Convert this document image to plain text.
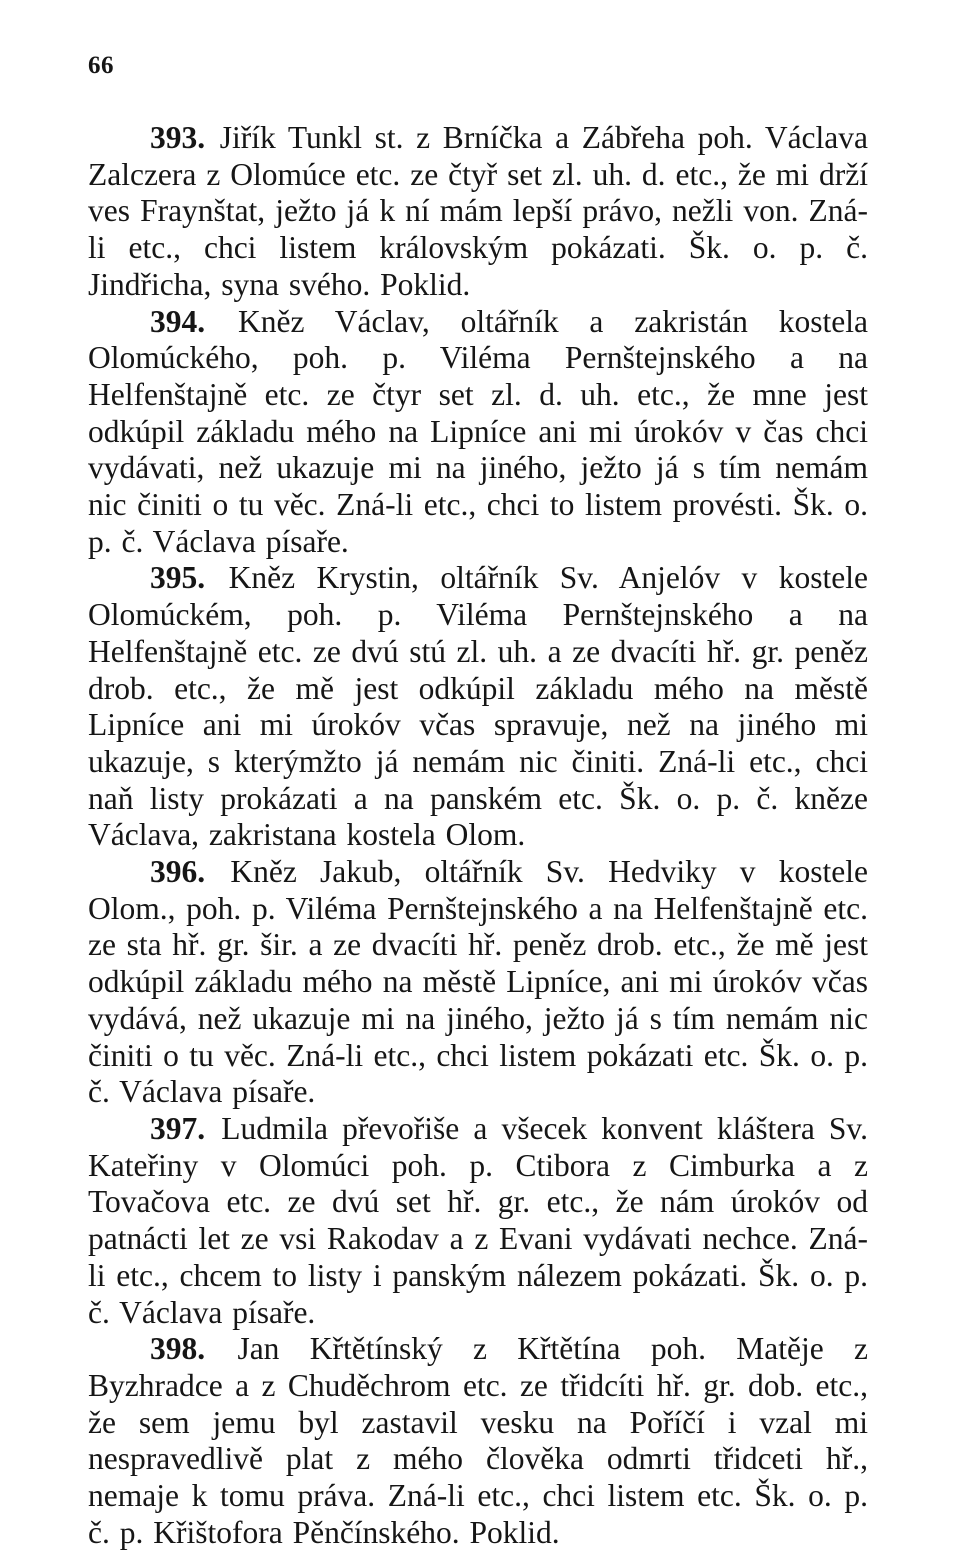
66

393. Jiřík Tunkl st. z Brníčka a Zábřeha poh. Václava Zalczera z Olomúce etc. ze čtyř set zl. uh. d. etc., že mi drží ves Fraynštat, ježto já k ní mám lepší právo, nežli von. Zná-li etc., chci listem královským pokázati. Šk. o. p. č. Jindřicha, syna svého. Poklid.

394. Kněz Václav, oltářník a zakristán kostela Olomúckého, poh. p. Viléma Pernštejnského a na Helfenštajně etc. ze čtyr set zl. d. uh. etc., že mne jest odkúpil základu mého na Lipníce ani mi úrokóv v čas chci vydávati, než ukazuje mi na jiného, ježto já s tím nemám nic činiti o tu věc. Zná-li etc., chci to listem provésti. Šk. o. p. č. Václava písaře.

395. Kněz Krystin, oltářník Sv. Anjelóv v kostele Olomúckém, poh. p. Viléma Pernštejnského a na Helfenštajně etc. ze dvú stú zl. uh. a ze dvacíti hř. gr. peněz drob. etc., že mě jest odkúpil základu mého na městě Lipníce ani mi úrokóv včas spravuje, než na jiného mi ukazuje, s kterýmžto já nemám nic činiti. Zná-li etc., chci naň listy prokázati a na panském etc. Šk. o. p. č. kněze Václava, zakristana kostela Olom.

396. Kněz Jakub, oltářník Sv. Hedviky v kostele Olom., poh. p. Viléma Pernštejnského a na Helfenštajně etc. ze sta hř. gr. šir. a ze dvacíti hř. peněz drob. etc., že mě jest odkúpil základu mého na městě Lipníce, ani mi úrokóv včas vydává, než ukazuje mi na jiného, ježto já s tím nemám nic činiti o tu věc. Zná-li etc., chci listem pokázati etc. Šk. o. p. č. Václava písaře.

397. Ludmila převořiše a všecek konvent kláštera Sv. Kateřiny v Olomúci poh. p. Ctibora z Cimburka a z Tovačova etc. ze dvú set hř. gr. etc., že nám úrokóv od patnácti let ze vsi Rakodav a z Evani vydávati nechce. Zná-li etc., chcem to listy i panským nálezem pokázati. Šk. o. p. č. Václava písaře.

398. Jan Křtětínský z Křtětína poh. Matěje z Byzhradce a z Chuděchrom etc. ze třidcíti hř. gr. dob. etc., že sem jemu byl zastavil vesku na Poříčí i vzal mi nespravedlivě plat z mého člověka odmrti třidceti hř., nemaje k tomu práva. Zná-li etc., chci listem etc. Šk. o. p. č. p. Křištofora Pěnčínského. Poklid.
